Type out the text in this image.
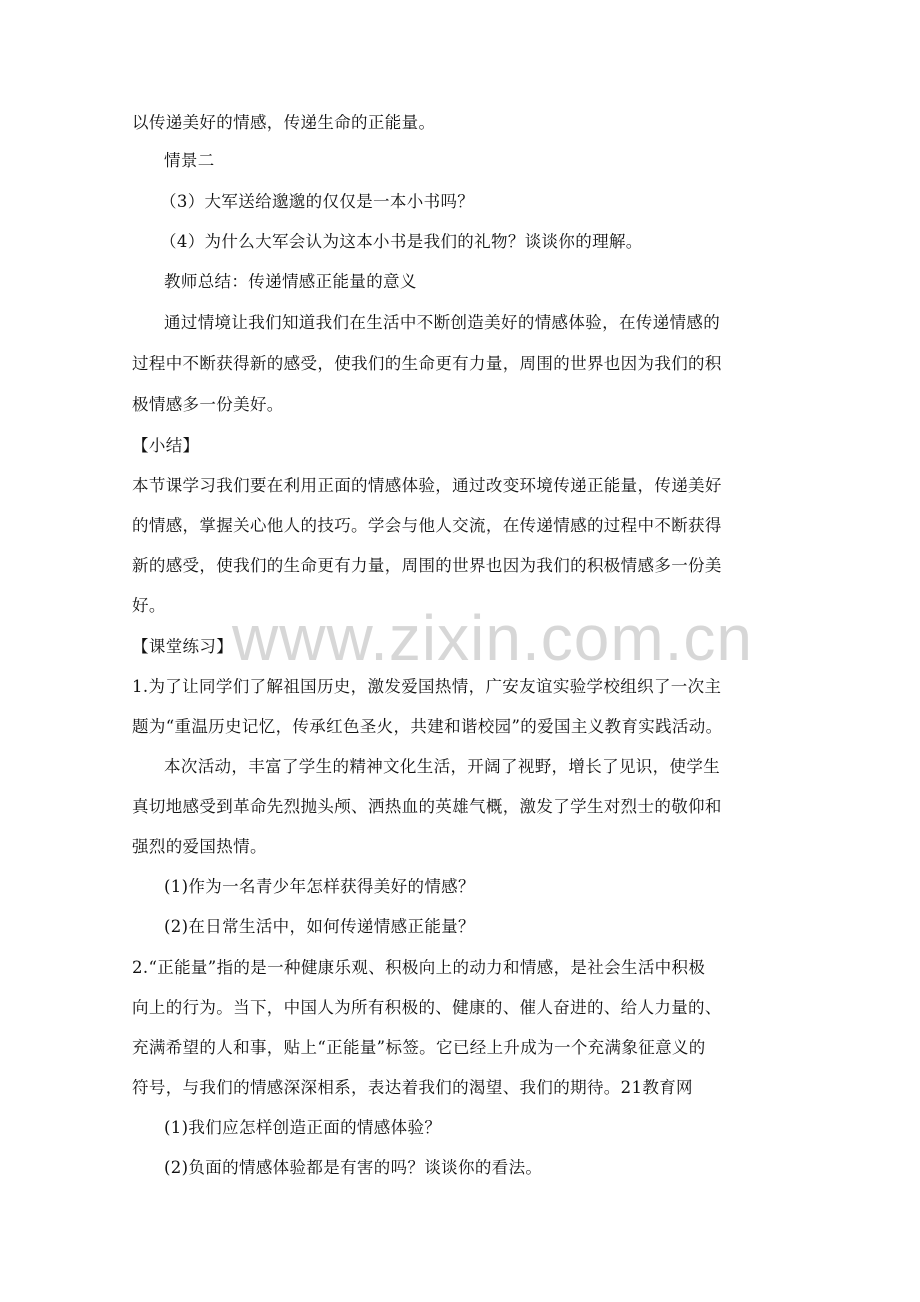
www.zixin.com.cn
以传递美好的情感，传递生命的正能量。
情景二
（3）大军送给邈邈的仅仅是一本小书吗？
（4）为什么大军会认为这本小书是我们的礼物？谈谈你的理解。
教师总结：传递情感正能量的意义
通过情境让我们知道我们在生活中不断创造美好的情感体验，在传递情感的
过程中不断获得新的感受，使我们的生命更有力量，周围的世界也因为我们的积
极情感多一份美好。
【小结】
本节课学习我们要在利用正面的情感体验，通过改变环境传递正能量，传递美好
的情感，掌握关心他人的技巧。学会与他人交流，在传递情感的过程中不断获得
新的感受，使我们的生命更有力量，周围的世界也因为我们的积极情感多一份美
好。
【课堂练习】
1.为了让同学们了解祖国历史，激发爱国热情，广安友谊实验学校组织了一次主
题为“重温历史记忆，传承红色圣火，共建和谐校园”的爱国主义教育实践活动。
本次活动，丰富了学生的精神文化生活，开阔了视野，增长了见识，使学生
真切地感受到革命先烈抛头颅、洒热血的英雄气概，激发了学生对烈士的敬仰和
强烈的爱国热情。
(1)作为一名青少年怎样获得美好的情感？
(2)在日常生活中，如何传递情感正能量？
2.“正能量”指的是一种健康乐观、积极向上的动力和情感，是社会生活中积极
向上的行为。当下，中国人为所有积极的、健康的、催人奋进的、给人力量的、
充满希望的人和事，贴上“正能量”标签。它已经上升成为一个充满象征意义的
符号，与我们的情感深深相系，表达着我们的渴望、我们的期待。21教育网
(1)我们应怎样创造正面的情感体验？
(2)负面的情感体验都是有害的吗？谈谈你的看法。
